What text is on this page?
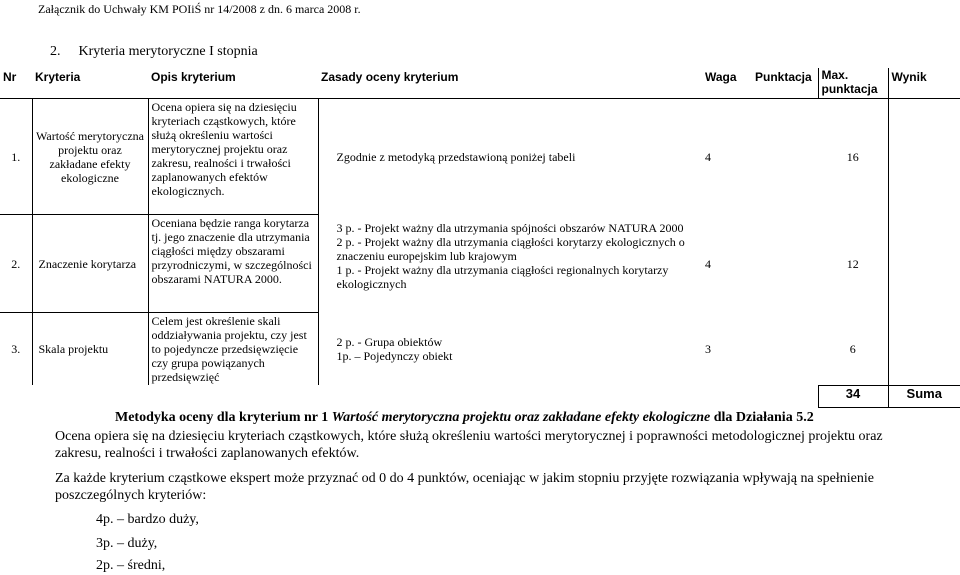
Załącznik do Uchwały KM POIiŚ nr 14/2008 z dn. 6 marca 2008 r.
2. Kryteria merytoryczne I stopnia
Nr	Kryteria	Opis kryterium	Zasady oceny kryterium	Waga	Punktacja	Max. punktacja	Wynik
1.	Wartość merytoryczna projektu oraz zakładane efekty ekologiczne	Ocena opiera się na dziesięciu kryteriach cząstkowych, które służą określeniu wartości merytorycznej projektu oraz zakresu, realności i trwałości zaplanowanych efektów ekologicznych.	Zgodnie z metodyką przedstawioną poniżej tabeli	4		16	
2.	Znaczenie korytarza	Oceniana będzie ranga korytarza tj. jego znaczenie dla utrzymania ciągłości między obszarami przyrodniczymi, w szczególności obszarami NATURA 2000.	3 p. - Projekt ważny dla utrzymania spójności obszarów NATURA 2000
2 p. - Projekt ważny dla utrzymania ciągłości korytarzy ekologicznych o znaczeniu europejskim lub krajowym
1 p. - Projekt ważny dla utrzymania ciągłości regionalnych korytarzy ekologicznych	4		12	
3.	Skala projektu	Celem jest określenie skali oddziaływania projektu, czy jest to pojedyncze przedsięwzięcie czy grupa powiązanych przedsięwzięć	2 p. - Grupa obiektów
1p. – Pojedynczy obiekt	3		6	
						34	Suma
Metodyka oceny dla kryterium nr 1 Wartość merytoryczna projektu oraz zakładane efekty ekologiczne dla Działania 5.2
Ocena opiera się na dziesięciu kryteriach cząstkowych, które służą określeniu wartości merytorycznej i poprawności metodologicznej projektu oraz zakresu, realności i trwałości zaplanowanych efektów.
Za każde kryterium cząstkowe ekspert może przyznać od 0 do 4 punktów, oceniając w jakim stopniu przyjęte rozwiązania wpływają na spełnienie poszczególnych kryteriów:
4p. – bardzo duży,
3p. – duży,
2p. – średni,
